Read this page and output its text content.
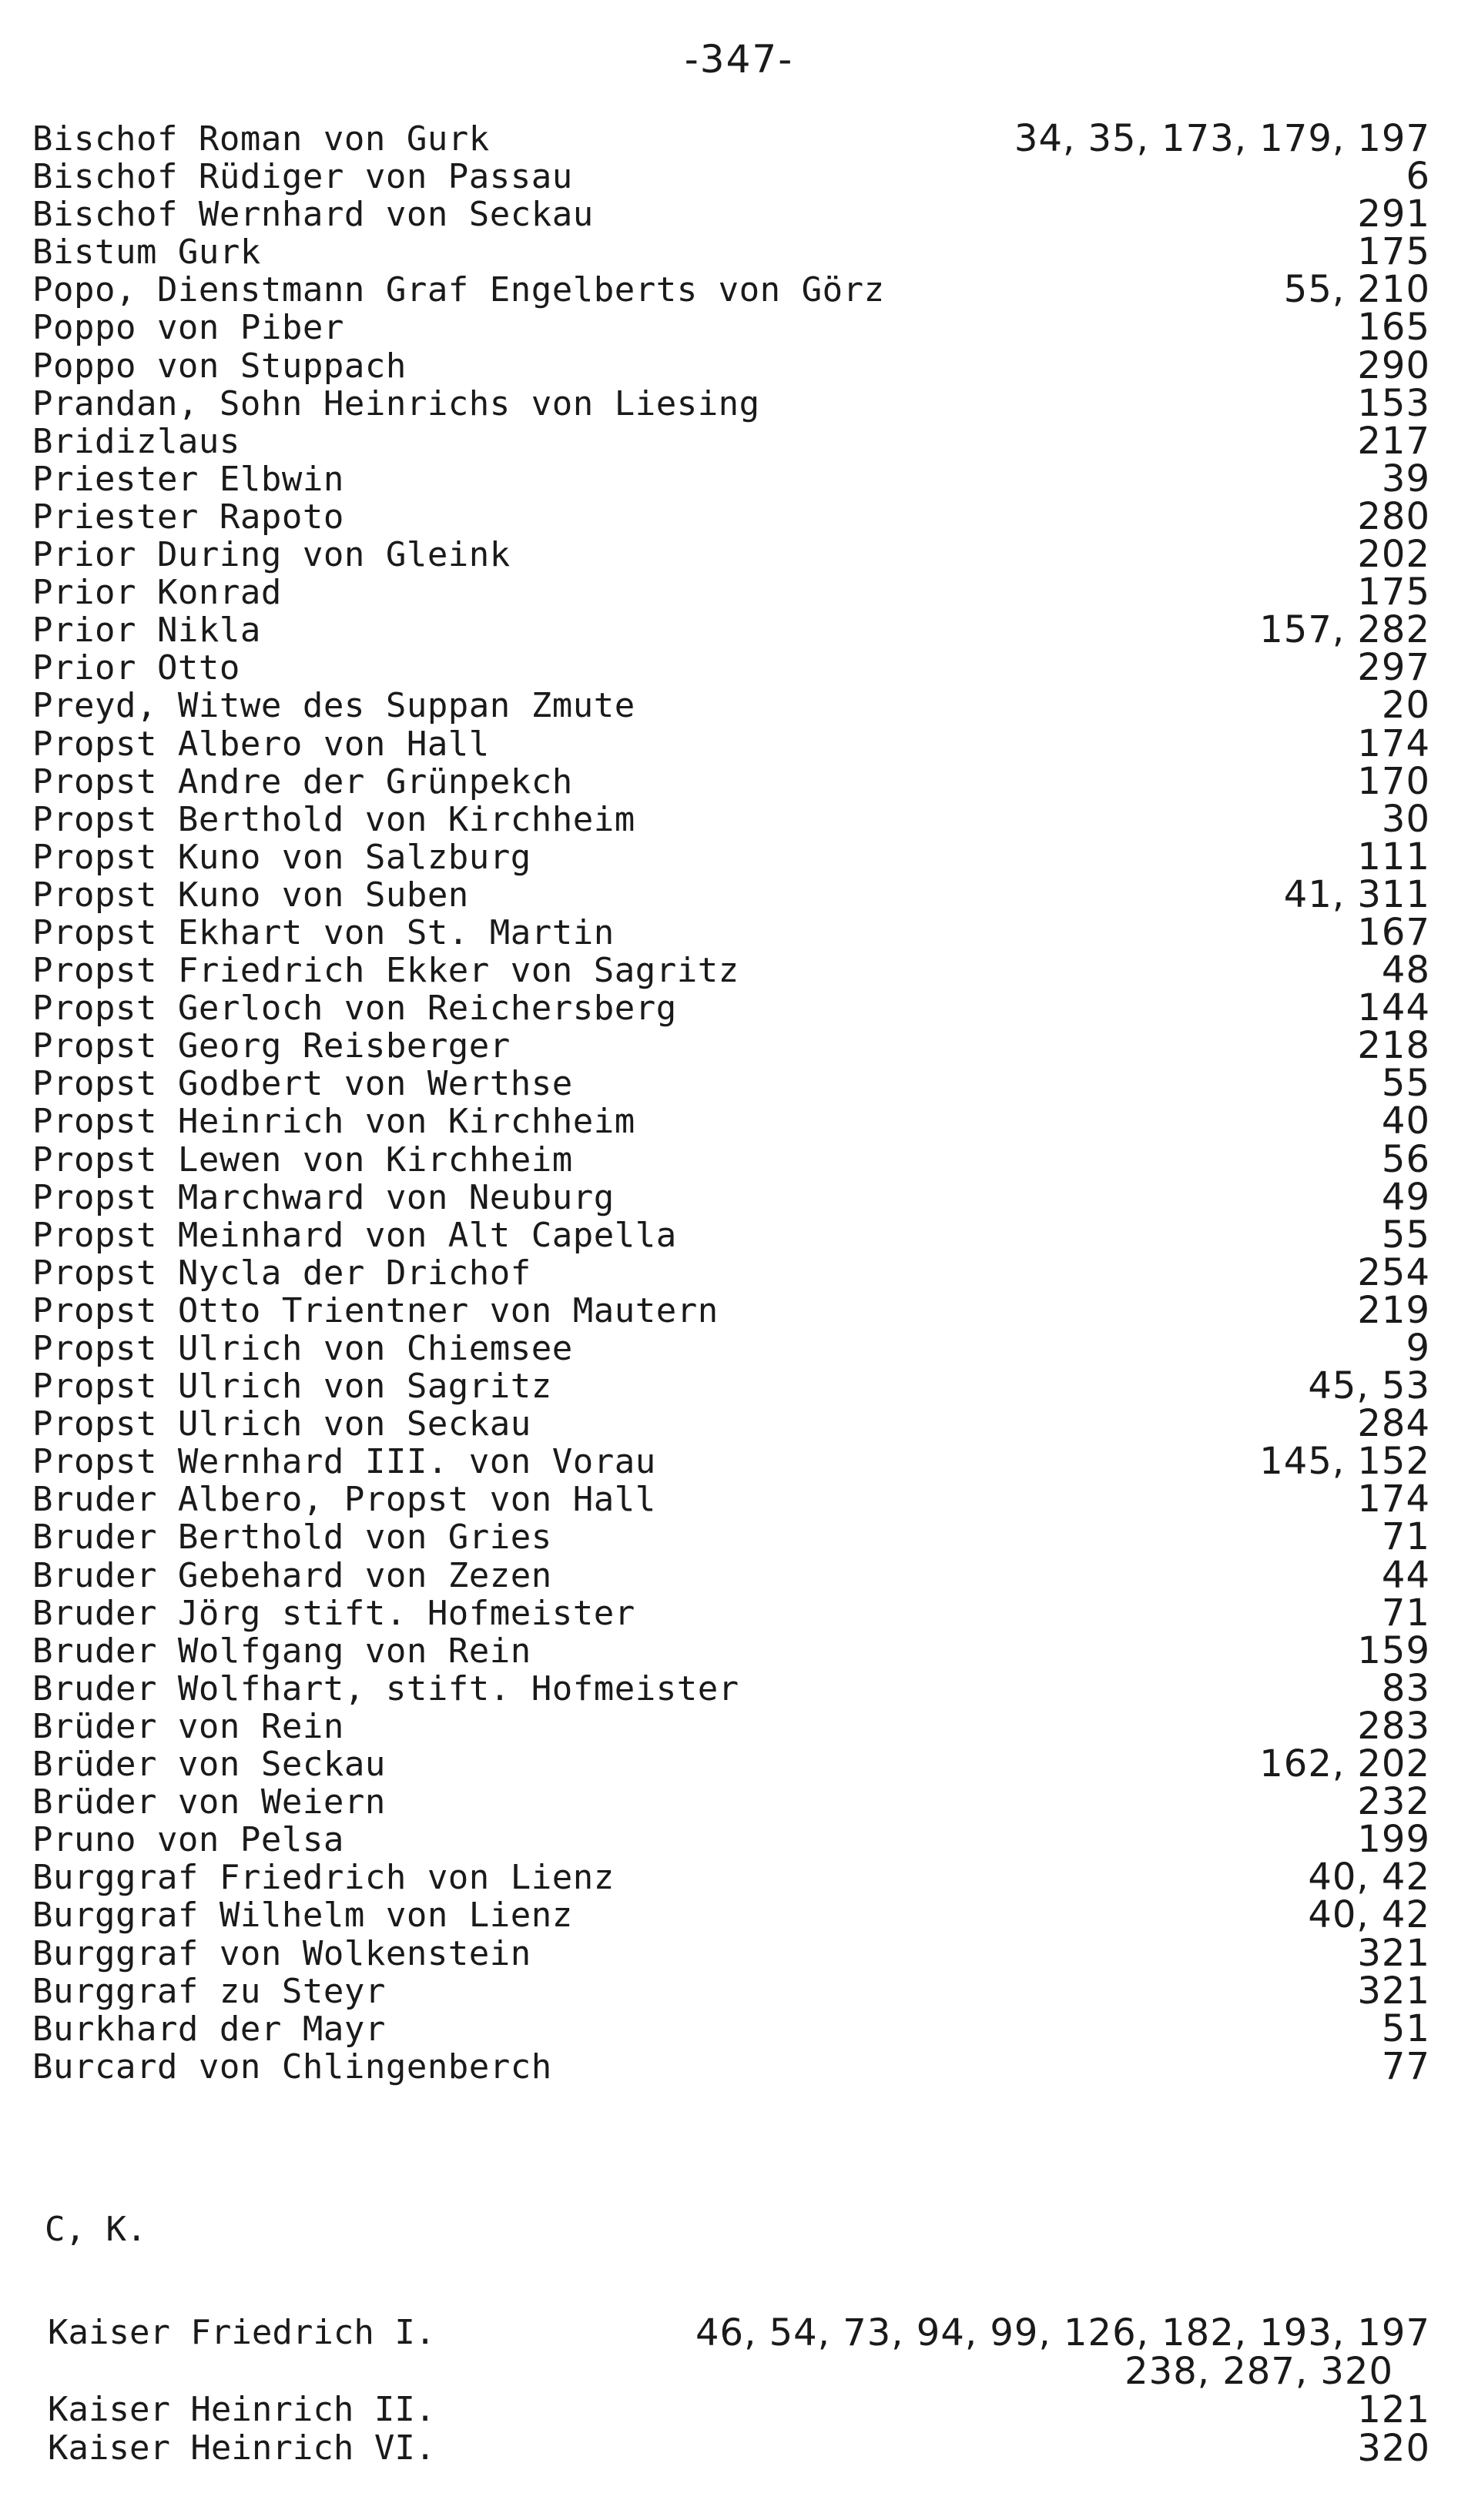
-347-
Bischof Roman von Gurk	34, 35, 173, 179, 197
Bischof Rüdiger von Passau	6
Bischof Wernhard von Seckau	291
Bistum Gurk	175
Popo, Dienstmann Graf Engelberts von Görz	55, 210
Poppo von Piber	165
Poppo von Stuppach	290
Prandan, Sohn Heinrichs von Liesing	153
Bridizlaus	217
Priester Elbwin	39
Priester Rapoto	280
Prior During von Gleink	202
Prior Konrad	175
Prior Nikla	157, 282
Prior Otto	297
Preyd, Witwe des Suppan Zmute	20
Propst Albero von Hall	174
Propst Andre der Grünpekch	170
Propst Berthold von Kirchheim	30
Propst Kuno von Salzburg	111
Propst Kuno von Suben	41, 311
Propst Ekhart von St. Martin	167
Propst Friedrich Ekker von Sagritz	48
Propst Gerloch von Reichersberg	144
Propst Georg Reisberger	218
Propst Godbert von Werthse	55
Propst Heinrich von Kirchheim	40
Propst Lewen von Kirchheim	56
Propst Marchward von Neuburg	49
Propst Meinhard von Alt Capella	55
Propst Nycla der Drichof	254
Propst Otto Trientner von Mautern	219
Propst Ulrich von Chiemsee	9
Propst Ulrich von Sagritz	45, 53
Propst Ulrich von Seckau	284
Propst Wernhard III. von Vorau	145, 152
Bruder Albero, Propst von Hall	174
Bruder Berthold von Gries	71
Bruder Gebehard von Zezen	44
Bruder Jörg stift. Hofmeister	71
Bruder Wolfgang von Rein	159
Bruder Wolfhart, stift. Hofmeister	83
Brüder von Rein	283
Brüder von Seckau	162, 202
Brüder von Weiern	232
Pruno von Pelsa	199
Burggraf Friedrich von Lienz	40, 42
Burggraf Wilhelm von Lienz	40, 42
Burggraf von Wolkenstein	321
Burggraf zu Steyr	321
Burkhard der Mayr	51
Burcard von Chlingenberch	77
C, K.
Kaiser Friedrich I.	46, 54, 73, 94, 99, 126, 182, 193, 197
238, 287, 320
Kaiser Heinrich II.	121
Kaiser Heinrich VI.	320
